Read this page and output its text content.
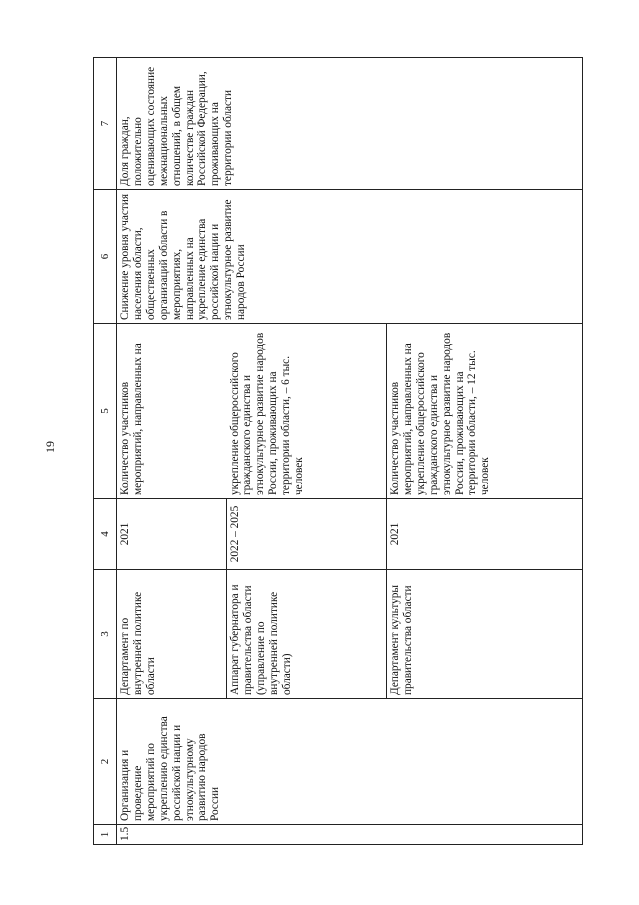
19
1	2	3	4	5	6	7
1.5	Организация и проведение мероприятий по укреплению единства российской нации и этнокультурному развитию народов России	Департамент по внутренней политике области	2021	Количество участников мероприятий, направленных на	Снижение уровня участия населения области, общественных организаций области в мероприятиях, направленных на укрепление единства российской нации и этнокультурное развитие народов России	Доля граждан, положительно оценивающих состояние межнациональных отношений, в общем количестве граждан Российской Федерации, проживающих на территории области
		Аппарат губернатора и правительства области (управление по внутренней политике области)	2022 – 2025	укрепление общероссийского гражданского единства и этнокультурное развитие народов России, проживающих на территории области, – 6 тыс. человек		
		Департамент культуры правительства области	2021	Количество участников мероприятий, направленных на укрепление общероссийского гражданского единства и этнокультурное развитие народов России, проживающих на территории области, – 12 тыс. человек		
